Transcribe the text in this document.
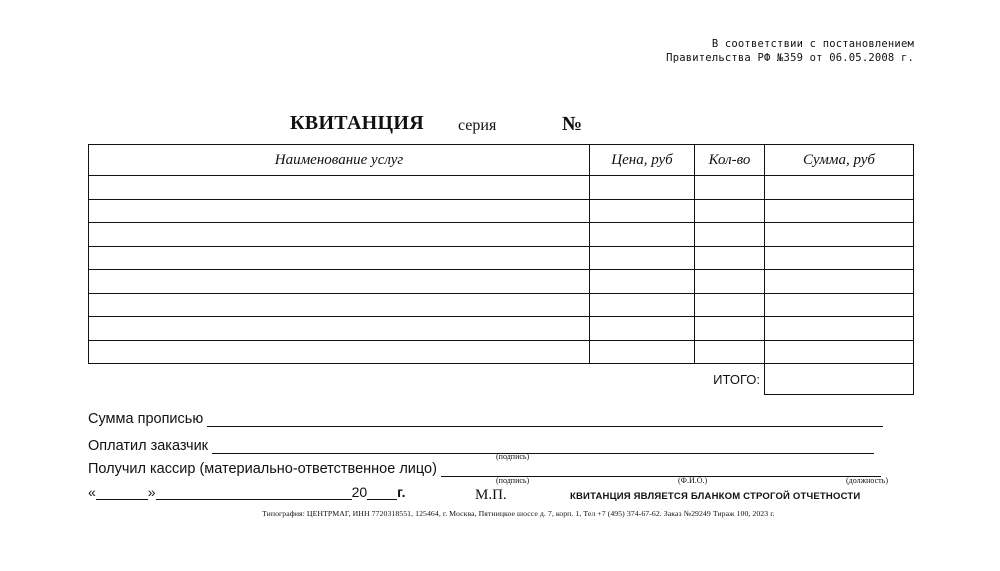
В соответствии с постановлением
Правительства РФ №359 от 06.05.2008 г.
КВИТАНЦИЯ серия	№
Наименование услуг	Цена, руб	Кол-во	Сумма, руб

ИТОГО:			
Сумма прописью
Оплатил заказчик
(подпись)
Получил кассир (материально-ответственное лицо)
(подпись)	(Ф.И.О.)	(должность)
«	»	20 г.	М.П.	КВИТАНЦИЯ ЯВЛЯЕТСЯ БЛАНКОМ СТРОГОЙ ОТЧЕТНОСТИ
Типография: ЦЕНТРМАГ, ИНН 7720318551, 125464, г. Москва, Пятницкое шоссе д. 7, корп. 1, Тел +7 (495) 374-67-62. Заказ №29249 Тираж 100, 2023 г.
